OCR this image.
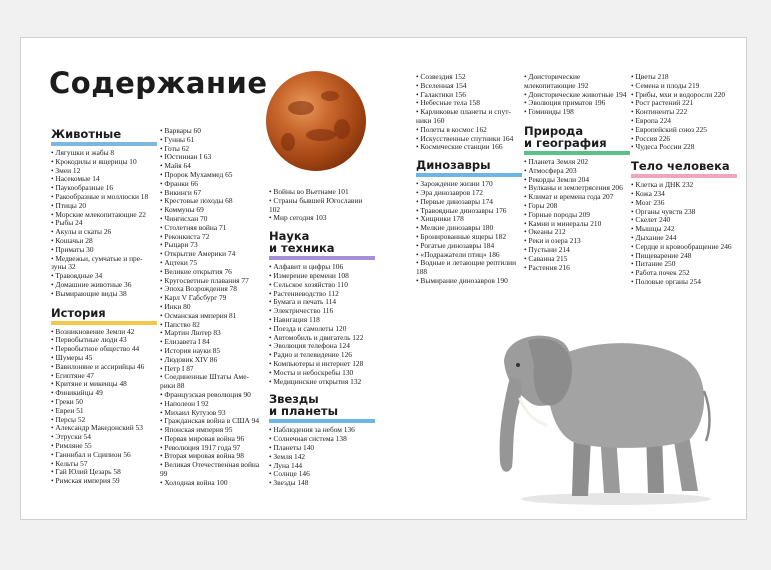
Содержание
Животные
• Лягушки и жабы 8
• Крокодилы и ящерицы 10
• Змеи 12
• Насекомые 14
• Паукообразные 16
• Ракообразные и моллюски 18
• Птицы 20
• Морские млекопитающие 22
• Рыбы 24
• Акулы и скаты 26
• Кошачьи 28
• Приматы 30
• Медвежьи, сумчатые и пре- зуны 32
• Травоядные 34
• Домашние животные 36
• Вымирающие виды 38
История
• Возникновение Земли 42
• Первобытные люди 43
• Первобытное общество 44
• Шумеры 45
• Вавилоняне и ассирийцы 46
• Египтяне 47
• Критяне и микенцы 48
• Финикийцы 49
• Греки 50
• Евреи 51
• Персы 52
• Александр Македонский 53
• Этруски 54
• Римляне 55
• Ганнибал и Сципион 56
• Кельты 57
• Гай Юлий Цезарь 58
• Римская империя 59
• Варвары 60
• Гунны 61
• Готы 62
• Юстиниан I 63
• Майя 64
• Пророк Мухаммед 65
• Франки 66
• Викинги 67
• Крестовые походы 68
• Коммуны 69
• Чингисхан 70
• Столетняя война 71
• Реконкиста 72
• Рыцари 73
• Открытие Америки 74
• Ацтеки 75
• Великие открытия 76
• Кругосветные плавания 77
• Эпоха Возрождения 78
• Карл V Габсбург 79
• Инки 80
• Османская империя 81
• Папство 82
• Мартин Лютер 83
• Елизавета I 84
• История науки 85
• Людовик XIV 86
• Петр I 87
• Соединенные Штаты Аме- рики 88
• Французская революция 90
• Наполеон I 92
• Михаил Кутузов 93
• Гражданская война в США 94
• Японская империя 95
• Первая мировая война 96
• Революция 1917 года 97
• Вторая мировая война 98
• Великая Отечественная война 99
• Холодная война 100
• Войны во Вьетнаме 101
• Страны бывшей Югославии 102
• Мир сегодня 103
Наука
и техника
• Алфавит и цифры 106
• Измерение времени 108
• Сельское хозяйство 110
• Растениеводство 112
• Бумага и печать 114
• Электричество 116
• Навигация 118
• Поезда и самолеты 120
• Автомобиль и двигатель 122
• Эволюция телефона 124
• Радио и телевидение 126
• Компьютеры и интернет 128
• Мосты и небоскребы 130
• Медицинские открытия 132
Звезды
и планеты
• Наблюдения за небом 136
• Солнечная система 138
• Планеты 140
• Земля 142
• Луна 144
• Солнце 146
• Звезды 148
• Созвездия 152
• Вселенная 154
• Галактики 156
• Небесные тела 158
• Карликовые планеты и спут- ники 160
• Полеты в космос 162
• Искусственные спутники 164
• Космические станции 166
Динозавры
• Зарождение жизни 170
• Эра динозавров 172
• Первые динозавры 174
• Травоядные динозавры 176
• Хищники 178
• Мелкие динозавры 180
• Бронированные ящеры 182
• Рогатые динозавры 184
• «Подражатели птиц» 186
• Водные и летающие рептилии 188
• Вымирание динозавров 190
• Доисторические млекопитающие 192
• Доисторические животные 194
• Эволюция приматов 196
• Гоминиды 198
Природа
и география
• Планета Земля 202
• Атмосфера 203
• Рекорды Земли 204
• Вулканы и землетрясения 206
• Климат и времена года 207
• Горы 208
• Горные породы 209
• Камни и минералы 210
• Океаны 212
• Реки и озера 213
• Пустыни 214
• Саванна 215
• Растения 216
• Цветы 218
• Семена и плоды 219
• Грибы, мхи и водоросли 220
• Рост растений 221
• Континенты 222
• Европа 224
• Европейский союз 225
• Россия 226
• Чудеса России 228
Тело человека
• Клетка и ДНК 232
• Кожа 234
• Мозг 236
• Органы чувств 238
• Скелет 240
• Мышцы 242
• Дыхание 244
• Сердце и кровообращение 246
• Пищеварение 248
• Питание 250
• Работа почек 252
• Половые органы 254
